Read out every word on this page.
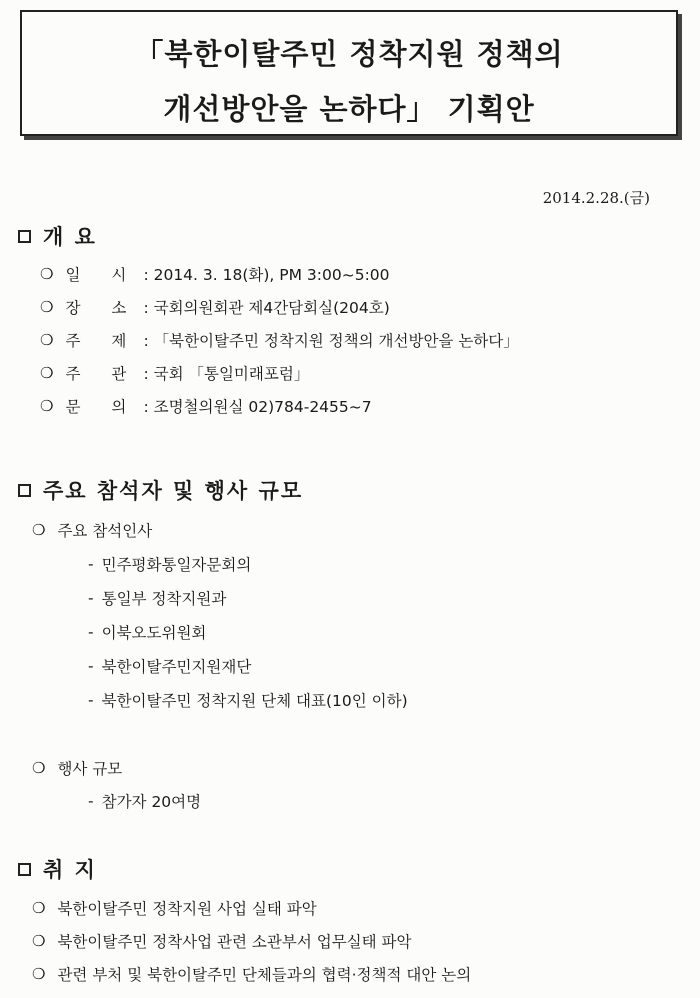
「북한이탈주민 정착지원 정책의
개선방안을 논하다」 기획안
2014.2.28.(금)
개 요
❍ 일　　시	: 2014. 3. 18(화), PM 3:00~5:00
❍ 장　　소	: 국회의원회관 제4간담회실(204호)
❍ 주　　제	: 「북한이탈주민 정착지원 정책의 개선방안을 논하다」
❍ 주　　관	: 국회 「통일미래포럼」
❍ 문　　의	: 조명철의원실 02)784-2455~7
주요 참석자 및 행사 규모
❍ 주요 참석인사
- 민주평화통일자문회의
- 통일부 정착지원과
- 이북오도위원회
- 북한이탈주민지원재단
- 북한이탈주민 정착지원 단체 대표(10인 이하)
❍ 행사 규모
- 참가자 20여명
취 지
❍ 북한이탈주민 정착지원 사업 실태 파악
❍ 북한이탈주민 정착사업 관련 소관부서 업무실태 파악
❍ 관련 부처 및 북한이탈주민 단체들과의 협력·정책적 대안 논의
